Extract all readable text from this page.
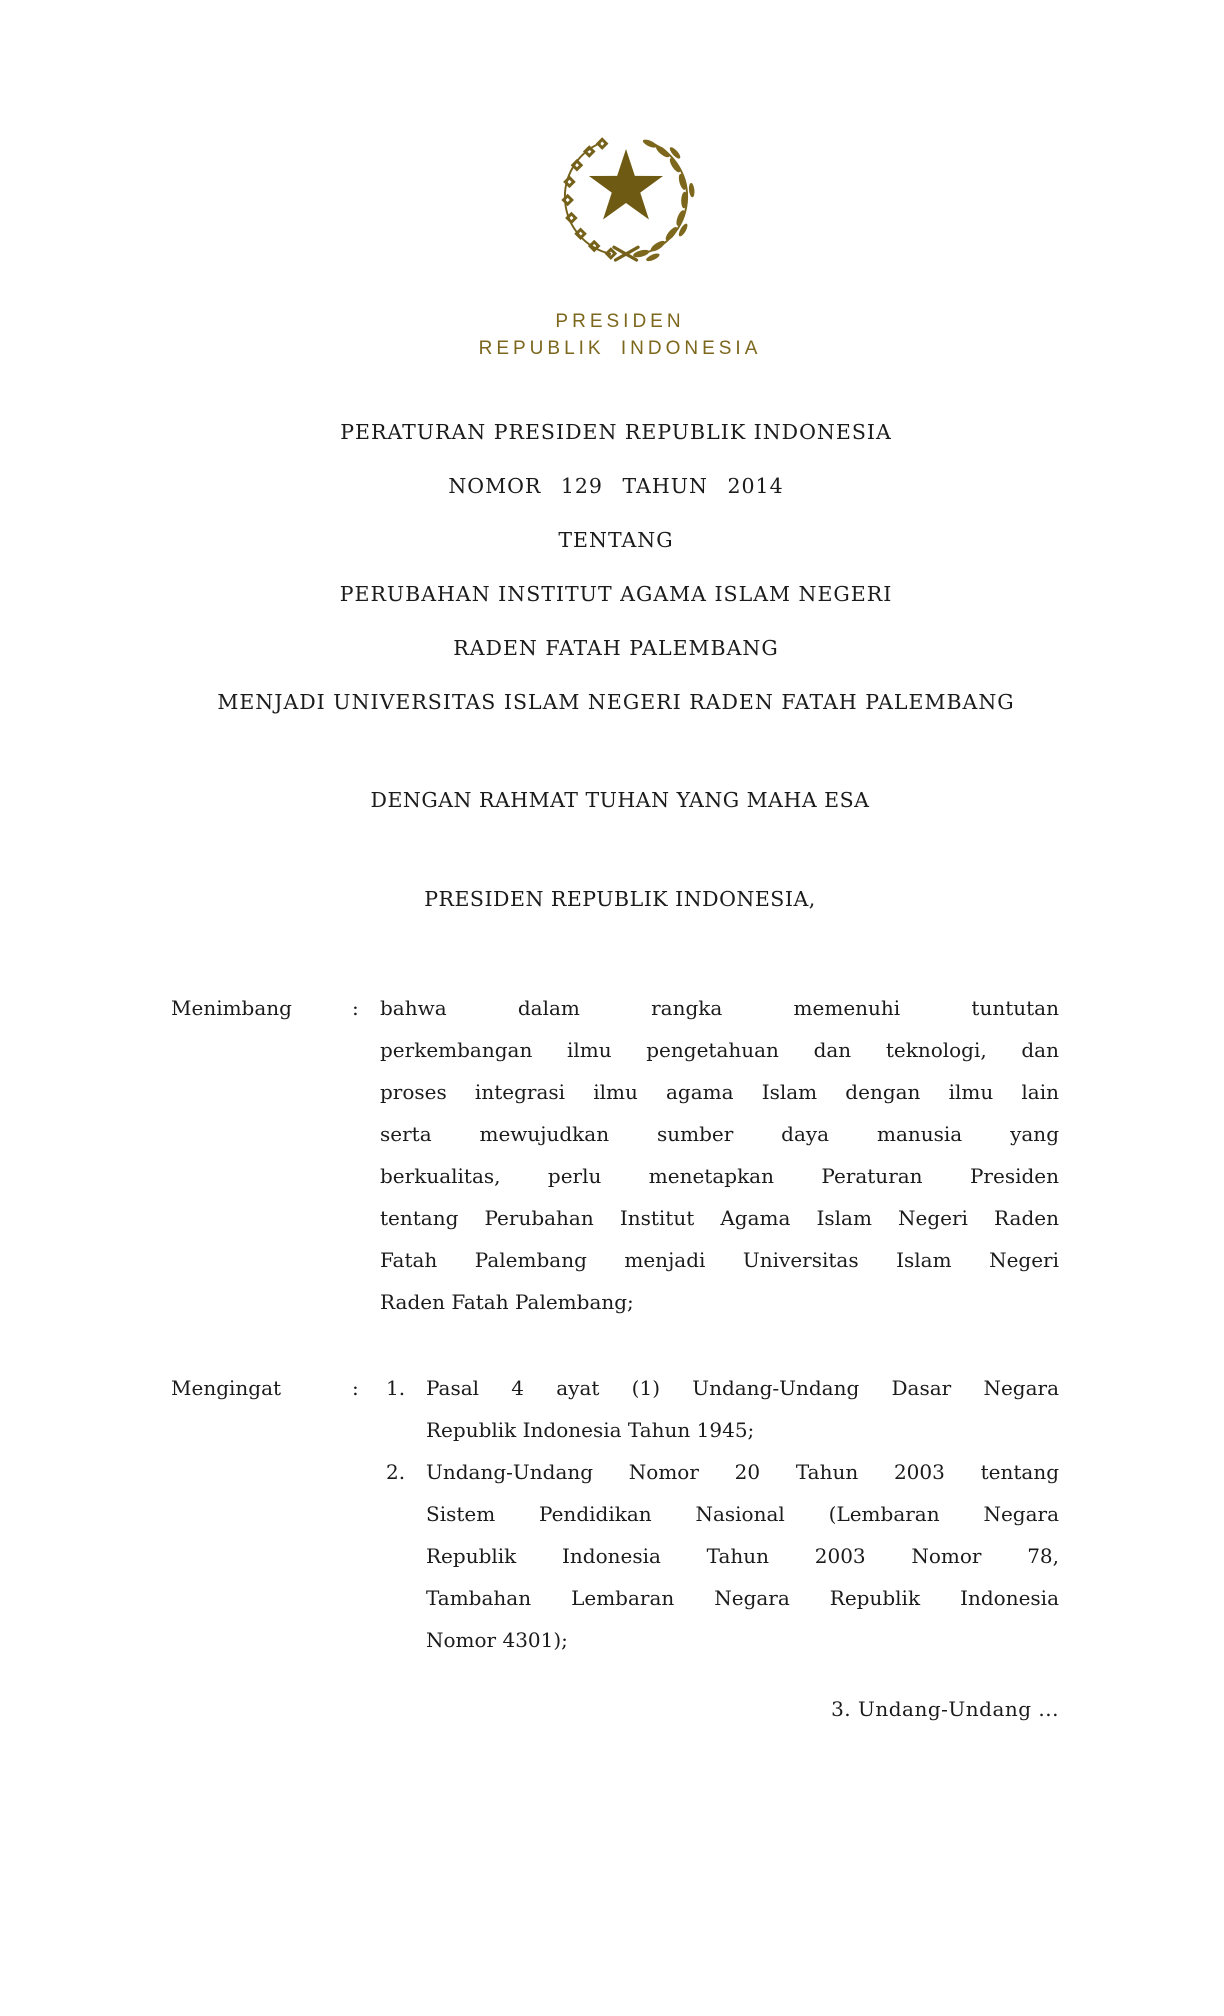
PRESIDEN
REPUBLIK INDONESIA
PERATURAN PRESIDEN REPUBLIK INDONESIA
NOMOR 129 TAHUN 2014
TENTANG
PERUBAHAN INSTITUT AGAMA ISLAM NEGERI
RADEN FATAH PALEMBANG
MENJADI UNIVERSITAS ISLAM NEGERI RADEN FATAH PALEMBANG
DENGAN RAHMAT TUHAN YANG MAHA ESA
PRESIDEN REPUBLIK INDONESIA,
Menimbang	: bahwa dalam rangka memenuhi tuntutan
perkembangan ilmu pengetahuan dan teknologi, dan
proses integrasi ilmu agama Islam dengan ilmu lain
serta mewujudkan sumber daya manusia yang
berkualitas, perlu menetapkan Peraturan Presiden
tentang Perubahan Institut Agama Islam Negeri Raden
Fatah Palembang menjadi Universitas Islam Negeri
Raden Fatah Palembang;
Mengingat	: 1. Pasal 4 ayat (1) Undang-Undang Dasar Negara
Republik Indonesia Tahun 1945;
2. Undang-Undang Nomor 20 Tahun 2003 tentang
Sistem Pendidikan Nasional (Lembaran Negara
Republik Indonesia Tahun 2003 Nomor 78,
Tambahan Lembaran Negara Republik Indonesia
Nomor 4301);
3. Undang-Undang ...
